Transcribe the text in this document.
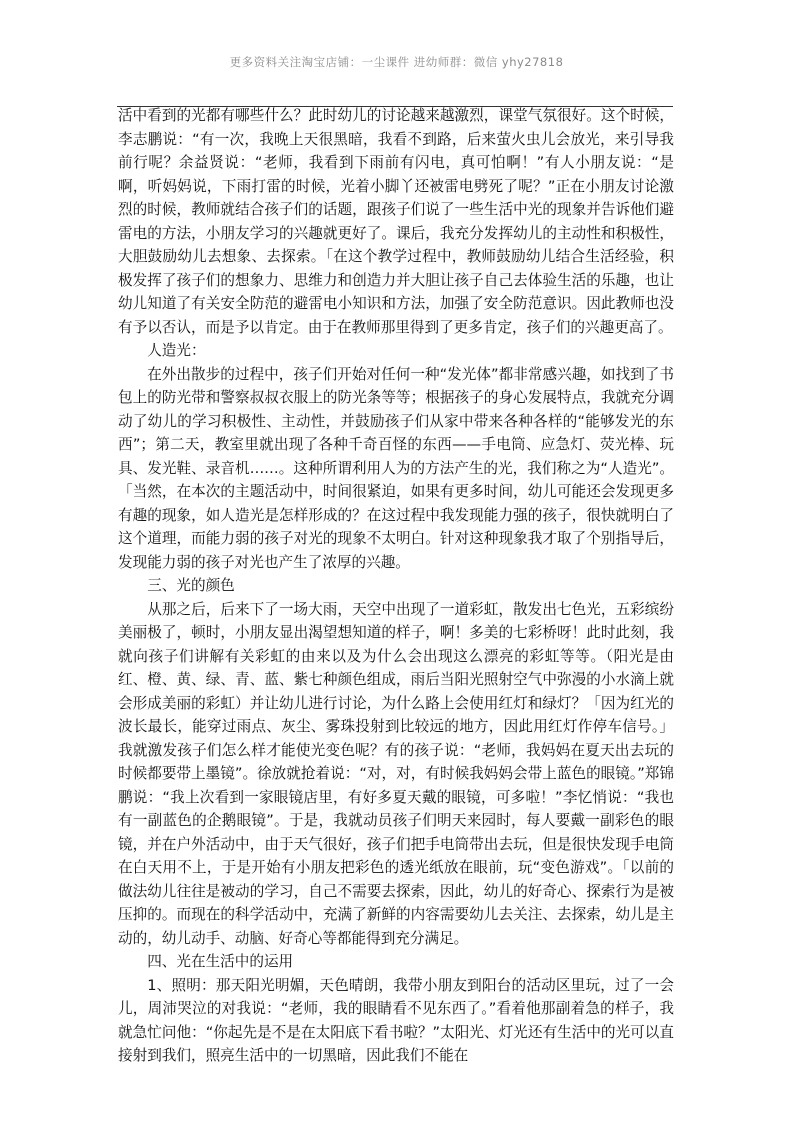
更多资料关注淘宝店铺：一尘课件 进幼师群：微信 yhy27818

活中看到的光都有哪些什么？此时幼儿的讨论越来越激烈，课堂气氛很好。这个时候，李志鹏说：“有一次，我晚上天很黑暗，我看不到路，后来萤火虫儿会放光，来引导我前行呢？余益贤说：“老师，我看到下雨前有闪电，真可怕啊！”有人小朋友说：“是啊，听妈妈说，下雨打雷的时候，光着小脚丫还被雷电劈死了呢？”正在小朋友讨论激烈的时候，教师就结合孩子们的话题，跟孩子们说了一些生活中光的现象并告诉他们避雷电的方法，小朋友学习的兴趣就更好了。课后，我充分发挥幼儿的主动性和积极性，大胆鼓励幼儿去想象、去探索。「在这个教学过程中，教师鼓励幼儿结合生活经验，积极发挥了孩子们的想象力、思维力和创造力并大胆让孩子自己去体验生活的乐趣，也让幼儿知道了有关安全防范的避雷电小知识和方法，加强了安全防范意识。因此教师也没有予以否认，而是予以肯定。由于在教师那里得到了更多肯定，孩子们的兴趣更高了。

人造光：

在外出散步的过程中，孩子们开始对任何一种“发光体”都非常感兴趣，如找到了书包上的防光带和警察叔叔衣服上的防光条等等；根据孩子的身心发展特点，我就充分调动了幼儿的学习积极性、主动性，并鼓励孩子们从家中带来各种各样的“能够发光的东西”；第二天，教室里就出现了各种千奇百怪的东西——手电筒、应急灯、荧光棒、玩具、发光鞋、录音机……。这种所谓利用人为的方法产生的光，我们称之为“人造光”。「当然，在本次的主题活动中，时间很紧迫，如果有更多时间，幼儿可能还会发现更多有趣的现象，如人造光是怎样形成的？在这过程中我发现能力强的孩子，很快就明白了这个道理，而能力弱的孩子对光的现象不太明白。针对这种现象我才取了个别指导后，发现能力弱的孩子对光也产生了浓厚的兴趣。

三、光的颜色

从那之后，后来下了一场大雨，天空中出现了一道彩虹，散发出七色光，五彩缤纷美丽极了，顿时，小朋友显出渴望想知道的样子，啊！多美的七彩桥呀！此时此刻，我就向孩子们讲解有关彩虹的由来以及为什么会出现这么漂亮的彩虹等等。（阳光是由红、橙、黄、绿、青、蓝、紫七种颜色组成，雨后当阳光照射空气中弥漫的小水滴上就会形成美丽的彩虹）并让幼儿进行讨论，为什么路上会使用红灯和绿灯？「因为红光的波长最长，能穿过雨点、灰尘、雾珠投射到比较远的地方，因此用红灯作停车信号。」我就激发孩子们怎么样才能使光变色呢？有的孩子说：“老师，我妈妈在夏天出去玩的时候都要带上墨镜”。徐放就抢着说：“对，对，有时候我妈妈会带上蓝色的眼镜。”郑锦鹏说：“我上次看到一家眼镜店里，有好多夏天戴的眼镜，可多啦！”李忆悄说：“我也有一副蓝色的企鹅眼镜”。于是，我就动员孩子们明天来园时，每人要戴一副彩色的眼镜，并在户外活动中，由于天气很好，孩子们把手电筒带出去玩，但是很快发现手电筒在白天用不上，于是开始有小朋友把彩色的透光纸放在眼前，玩“变色游戏”。「以前的做法幼儿往往是被动的学习，自己不需要去探索，因此，幼儿的好奇心、探索行为是被压抑的。而现在的科学活动中，充满了新鲜的内容需要幼儿去关注、去探索，幼儿是主动的，幼儿动手、动脑、好奇心等都能得到充分满足。

四、光在生活中的运用

1、照明：那天阳光明媚，天色晴朗，我带小朋友到阳台的活动区里玩，过了一会儿，周沛哭泣的对我说：“老师，我的眼睛看不见东西了。”看着他那副着急的样子，我就急忙问他：“你起先是不是在太阳底下看书啦？”太阳光、灯光还有生活中的光可以直接射到我们，照亮生活中的一切黑暗，因此我们不能在
